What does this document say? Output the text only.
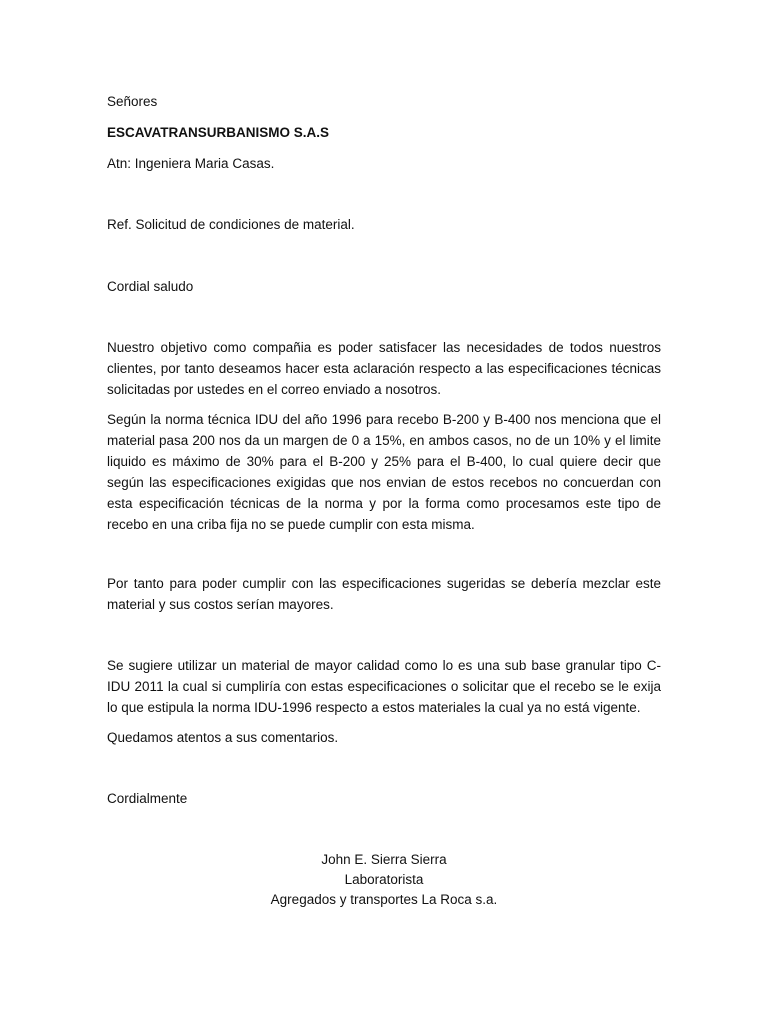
Señores

ESCAVATRANSURBANISMO S.A.S

Atn: Ingeniera Maria Casas.

Ref. Solicitud de condiciones de material.

Cordial saludo

Nuestro objetivo como compañia es poder satisfacer las necesidades de todos nuestros clientes, por tanto deseamos hacer esta aclaración respecto a las especificaciones técnicas solicitadas por ustedes en el correo enviado a nosotros.

Según la norma técnica IDU del año 1996 para recebo B-200 y B-400 nos menciona que el material pasa 200 nos da un margen de 0 a 15%, en ambos casos, no de un 10% y el limite liquido es máximo de 30% para el B-200 y 25% para el B-400, lo cual quiere decir que según las especificaciones exigidas que nos envian de estos recebos no concuerdan con esta especificación técnicas de la norma y por la forma como procesamos este tipo de recebo en una criba fija no se puede cumplir con esta misma.

Por tanto para poder cumplir con las especificaciones sugeridas se debería mezclar este material y sus costos serían mayores.

Se sugiere utilizar un material de mayor calidad como lo es una sub base granular tipo C-IDU 2011 la cual si cumpliría con estas especificaciones o solicitar que el recebo se le exija lo que estipula la norma IDU-1996 respecto a estos materiales la cual ya no está vigente.

Quedamos atentos a sus comentarios.

Cordialmente

John E. Sierra Sierra

Laboratorista

Agregados y transportes La Roca s.a.
